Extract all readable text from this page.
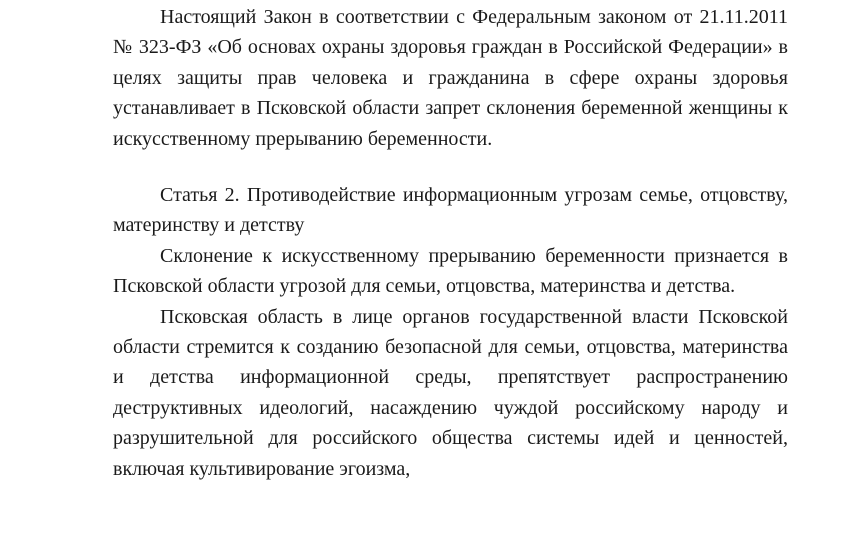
Настоящий Закон в соответствии с Федеральным законом от 21.11.2011 № 323-ФЗ «Об основах охраны здоровья граждан в Российской Федерации» в целях защиты прав человека и гражданина в сфере охраны здоровья устанавливает в Псковской области запрет склонения беременной женщины к искусственному прерыванию беременности.

Статья 2. Противодействие информационным угрозам семье, отцовству, материнству и детству

Склонение к искусственному прерыванию беременности признается в Псковской области угрозой для семьи, отцовства, материнства и детства.

Псковская область в лице органов государственной власти Псковской области стремится к созданию безопасной для семьи, отцовства, материнства и детства информационной среды, препятствует распространению деструктивных идеологий, насаждению чуждой российскому народу и разрушительной для российского общества системы идей и ценностей, включая культивирование эгоизма,
